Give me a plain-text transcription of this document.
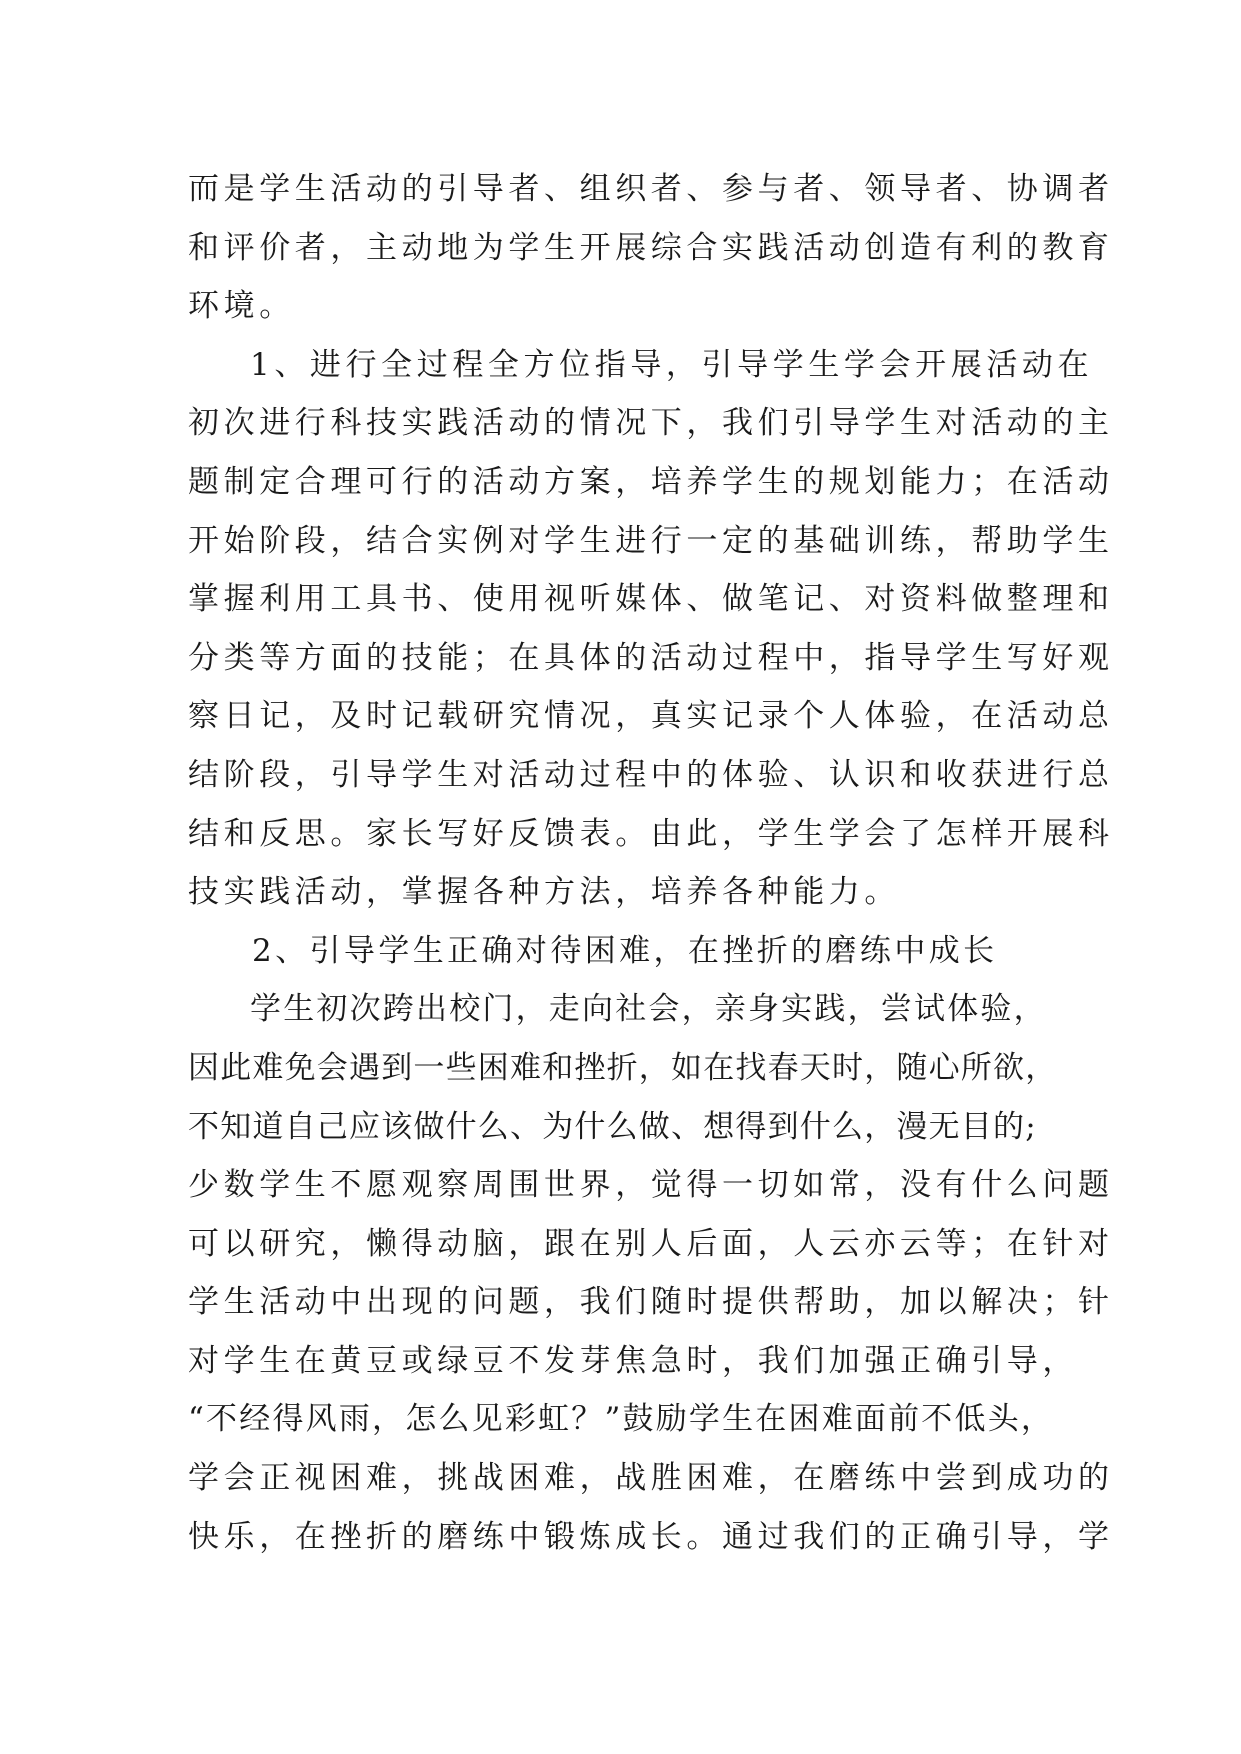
而是学生活动的引导者、组织者、参与者、领导者、协调者
和评价者，主动地为学生开展综合实践活动创造有利的教育
环境。
1、进行全过程全方位指导，引导学生学会开展活动在
初次进行科技实践活动的情况下，我们引导学生对活动的主
题制定合理可行的活动方案，培养学生的规划能力；在活动
开始阶段，结合实例对学生进行一定的基础训练，帮助学生
掌握利用工具书、使用视听媒体、做笔记、对资料做整理和
分类等方面的技能；在具体的活动过程中，指导学生写好观
察日记，及时记载研究情况，真实记录个人体验，在活动总
结阶段，引导学生对活动过程中的体验、认识和收获进行总
结和反思。家长写好反馈表。由此，学生学会了怎样开展科
技实践活动，掌握各种方法，培养各种能力。
2、引导学生正确对待困难，在挫折的磨练中成长
学生初次跨出校门，走向社会，亲身实践，尝试体验，
因此难免会遇到一些困难和挫折，如在找春天时，随心所欲，
不知道自己应该做什么、为什么做、想得到什么，漫无目的;
少数学生不愿观察周围世界，觉得一切如常，没有什么问题
可以研究，懒得动脑，跟在别人后面，人云亦云等；在针对
学生活动中出现的问题，我们随时提供帮助，加以解决；针
对学生在黄豆或绿豆不发芽焦急时，我们加强正确引导，
“不经得风雨，怎么见彩虹？”鼓励学生在困难面前不低头，
学会正视困难，挑战困难，战胜困难，在磨练中尝到成功的
快乐，在挫折的磨练中锻炼成长。通过我们的正确引导，学
